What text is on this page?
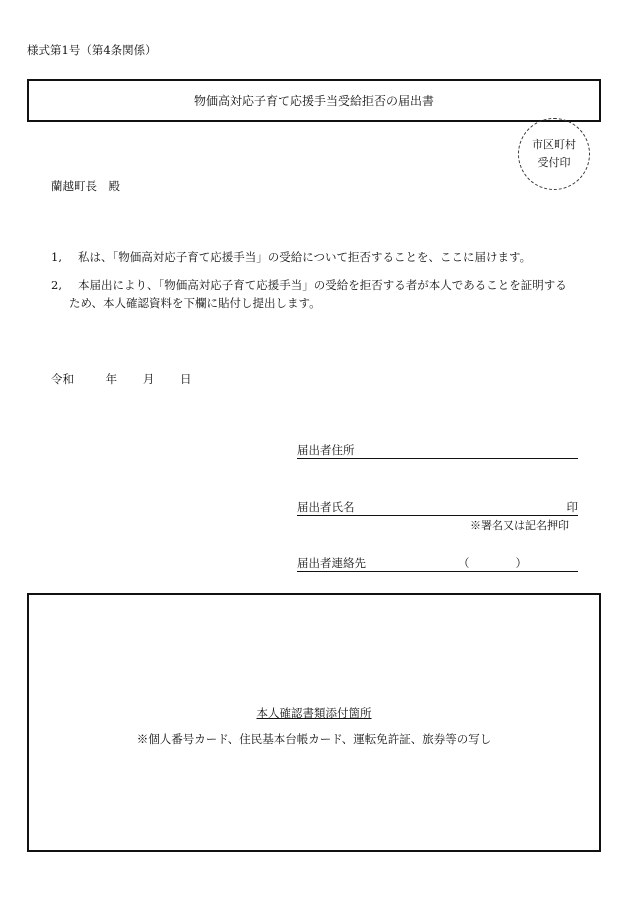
様式第1号（第4条関係）
物価高対応子育て応援手当受給拒否の届出書
市区町村
受付印
蘭越町長　殿
1, 私は、「物価高対応子育て応援手当」の受給について拒否することを、ここに届けます。
2, 本届出により、「物価高対応子育て応援手当」の受給を拒否する者が本人であることを証明する
ため、本人確認資料を下欄に貼付し提出します。
令和	年 月 日
届出者住所
届出者氏名	印
※署名又は記名押印
届出者連絡先	（	）
本人確認書類添付箇所
※個人番号カード、住民基本台帳カード、運転免許証、旅券等の写し
